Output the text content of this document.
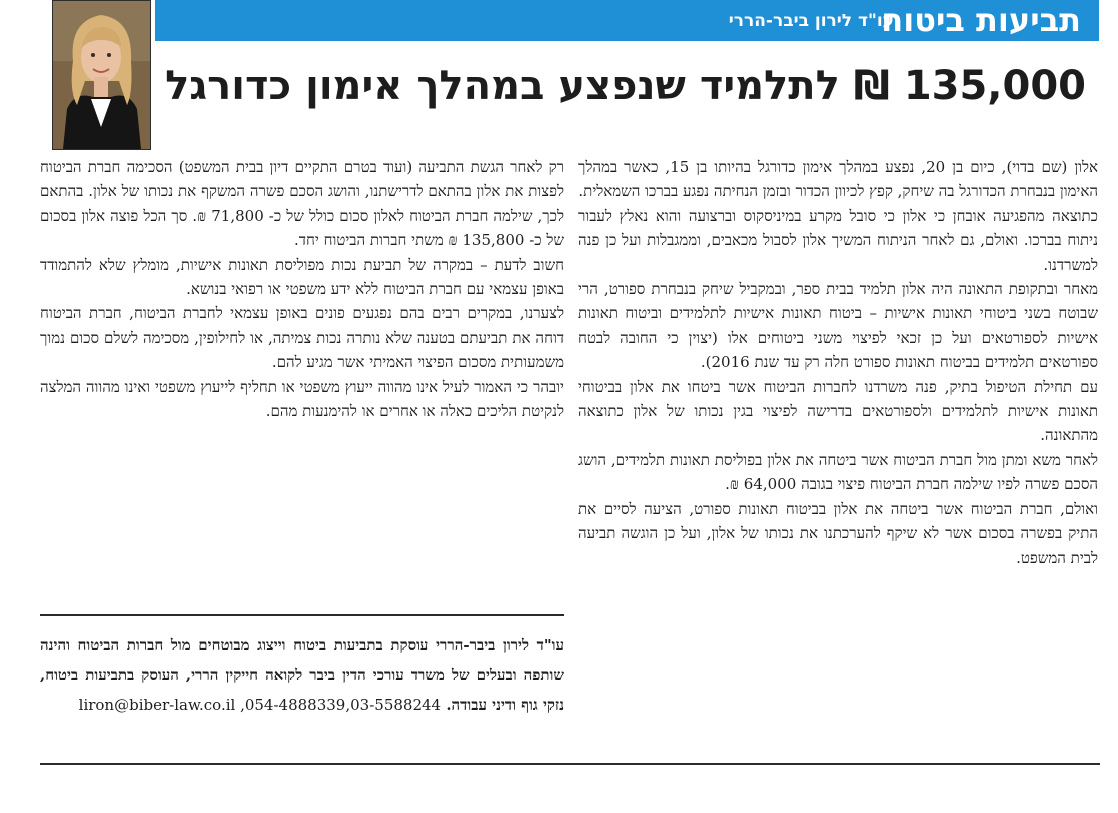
תביעות ביטוח
עו"ד לירון ביבר-הררי
135,000 ₪ לתלמיד שנפצע במהלך אימון כדורגל

אלון (שם בדוי), כיום בן 20, נפצע במהלך אימון כדורגל בהיותו בן 15, כאשר במהלך האימון בנבחרת הכדורגל בה שיחק, קפץ לכיוון הכדור ובזמן הנחיתה נפגע בברכו השמאלית.

כתוצאה מהפגיעה אובחן כי אלון כי סובל מקרע במיניסקוס וברצועה והוא נאלץ לעבור ניתוח בברכו. ואולם, גם לאחר הניתוח המשיך אלון לסבול מכאבים, וממגבלות ועל כן פנה למשרדנו.

מאחר ובתקופת התאונה היה אלון תלמיד בבית ספר, ובמקביל שיחק בנבחרת ספורט, הרי שבוטח בשני ביטוחי תאונות אישיות – ביטוח תאונות אישיות לתלמידים וביטוח תאונות אישיות לספורטאים ועל כן זכאי לפיצוי משני ביטוחים אלו (יצוין כי החובה לבטח ספורטאים תלמידים בביטוח תאונות ספורט חלה רק עד שנת 2016).

עם תחילת הטיפול בתיק, פנה משרדנו לחברות הביטוח אשר ביטחו את אלון בביטוחי תאונות אישיות לתלמידים ולספורטאים בדרישה לפיצוי בגין נכותו של אלון כתוצאה מהתאונה.

לאחר משא ומתן מול חברת הביטוח אשר ביטחה את אלון בפוליסת תאונות תלמידים, הושג הסכם פשרה לפיו שילמה חברת הביטוח פיצוי בגובה 64,000 ₪.

ואולם, חברת הביטוח אשר ביטחה את אלון בביטוח תאונות ספורט, הציעה לסיים את התיק בפשרה בסכום אשר לא שיקף להערכתנו את נכותו של אלון, ועל כן הוגשה תביעה לבית המשפט.

רק לאחר הגשת התביעה (ועוד בטרם התקיים דיון בבית המשפט) הסכימה חברת הביטוח לפצות את אלון בהתאם לדרישתנו, והושג הסכם פשרה המשקף את נכותו של אלון. בהתאם לכך, שילמה חברת הביטוח לאלון סכום כולל של כ- 71,800 ₪. סך הכל פוצה אלון בסכום של כ- 135,800 ₪ משתי חברות הביטוח יחד.

חשוב לדעת – במקרה של תביעת נכות מפוליסת תאונות אישיות, מומלץ שלא להתמודד באופן עצמאי עם חברת הביטוח ללא ידע משפטי או רפואי בנושא.

לצערנו, במקרים רבים בהם נפגעים פונים באופן עצמאי לחברת הביטוח, חברת הביטוח דוחה את תביעתם בטענה שלא נותרה נכות צמיתה, או לחילופין, מסכימה לשלם סכום נמוך משמעותית מסכום הפיצוי האמיתי אשר מגיע להם.

יובהר כי האמור לעיל אינו מהווה ייעוץ משפטי או תחליף לייעוץ משפטי ואינו מהווה המלצה לנקיטת הליכים כאלה או אחרים או להימנעות מהם.

עו"ד לירון ביבר-הררי עוסקת בתביעות ביטוח וייצוג מבוטחים מול חברות הביטוח והינה שותפה ובעלים של משרד עורכי הדין ביבר לקואה חייקין הררי, העוסק בתביעות ביטוח, נזקי גוף ודיני עבודה. liron@biber-law.co.il ,054-4888339,03-5588244
